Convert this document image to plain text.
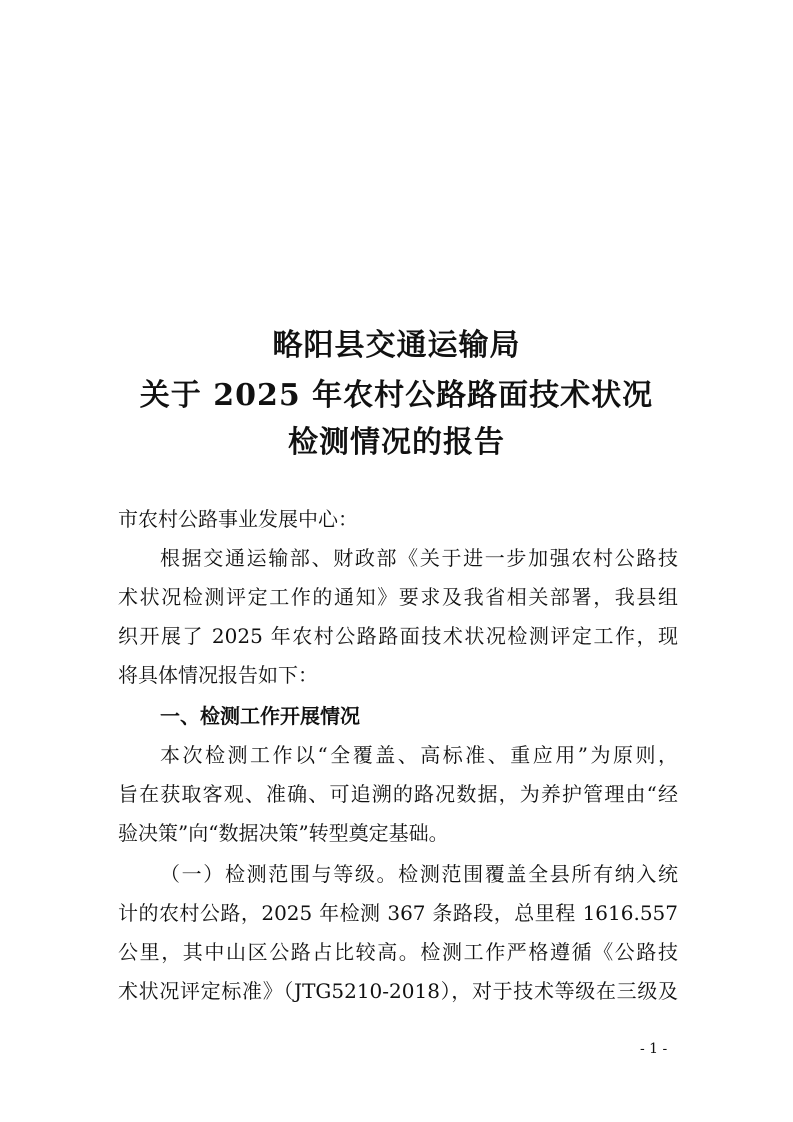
略阳县交通运输局
关于 2025 年农村公路路面技术状况
检测情况的报告
市农村公路事业发展中心：
根据交通运输部、财政部《关于进一步加强农村公路技
术状况检测评定工作的通知》要求及我省相关部署，我县组
织开展了 2025 年农村公路路面技术状况检测评定工作，现
将具体情况报告如下：
一、检测工作开展情况
本次检测工作以“全覆盖、高标准、重应用”为原则，
旨在获取客观、准确、可追溯的路况数据，为养护管理由“经
验决策”向“数据决策”转型奠定基础。
（一）检测范围与等级。检测范围覆盖全县所有纳入统
计的农村公路，2025 年检测 367 条路段，总里程 1616.557
公里，其中山区公路占比较高。检测工作严格遵循《公路技
术状况评定标准》（JTG5210-2018），对于技术等级在三级及
- 1 -
